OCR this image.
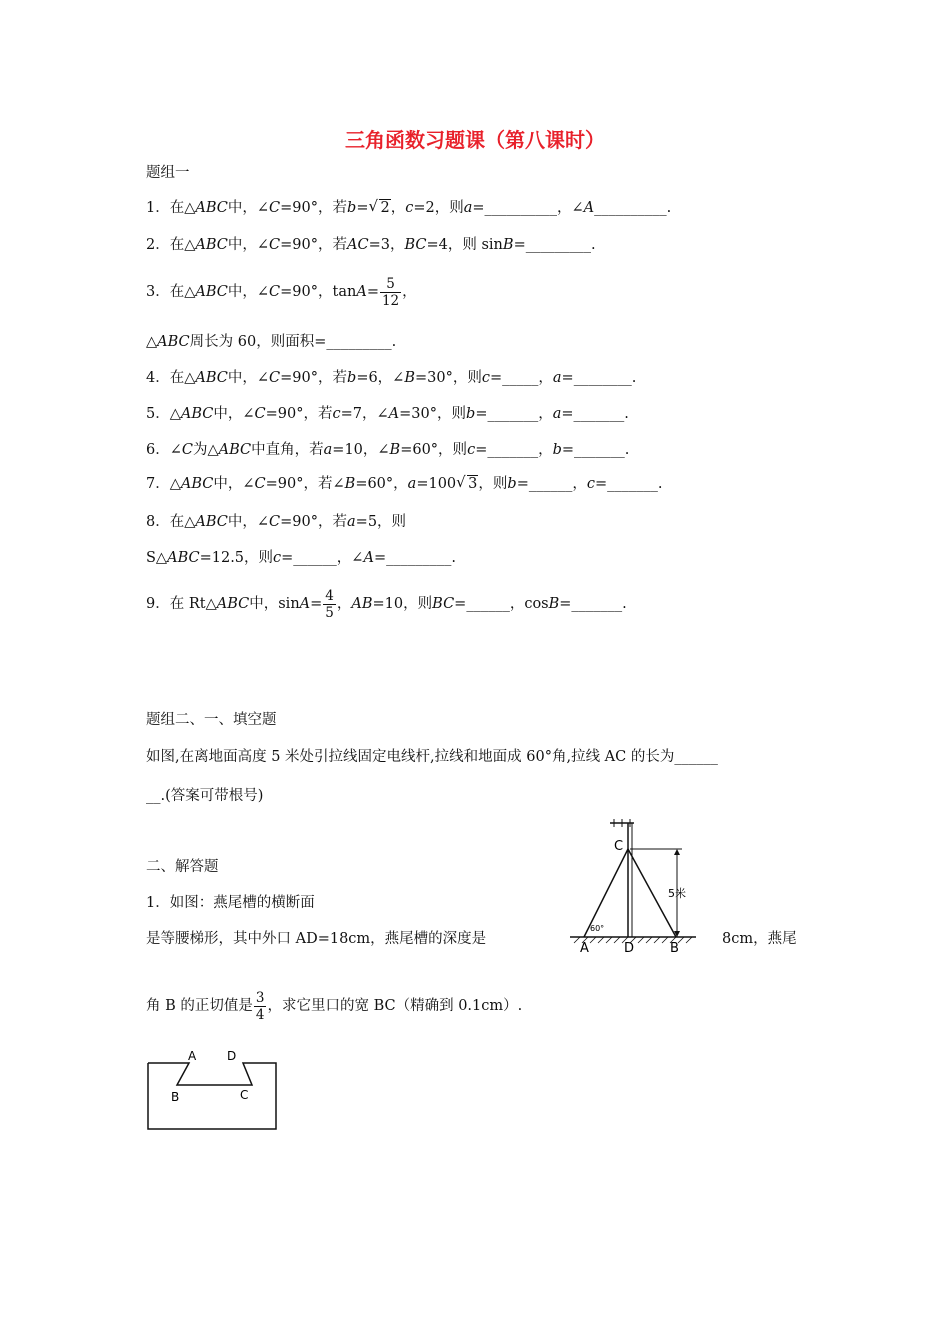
三角函数习题课（第八课时）
题组一
1．在△ABC中，∠C=90°，若b= √ 2，c=2，则a=__________，∠A__________.
2．在△ABC中，∠C=90°，若AC=3，BC=4，则 sinB=_________.
3．在△ABC中，∠C=90°，$\tan A= \frac{5}{12}$ ，
△ABC周长为 60，则面积=_________.
4．在△ABC中，∠C=90°，若b=6，∠B=30°，则c=_____，a=________.
5．△ABC中，∠C=90°，若c=7，∠A=30°，则b=_______，a=_______.
6．∠C为△ABC中直角，若a=10，∠B=60°，则c=_______，b=_______.
7．△ABC中，∠C=90°，若∠B=60°，a=100 √ 3，则b=______，c=_______.
8．在△ABC中，∠C=90°，若a=5，则
S△ABC=12.5，则c=______，∠A=_________.
9．在 Rt△ABC中，$\sin A= \frac{4}{5}$ ，AB=10，则BC=______，cosB=_______.
题组二、一、填空题
如图,在离地面高度 5 米处引拉线固定电线杆,拉线和地面成 60°角,拉线 AC 的长为______
__.(答案可带根号)
二、解答题
1．如图：燕尾槽的横断面
是等腰梯形，其中外口 AD=18cm，燕尾槽的深度是	8cm，燕尾
角 B 的正切值是 $\frac{3}{4}$ ，求它里口的宽 BC（精确到 0.1cm）.
C
A	D	B
60°
5米
A	D
B	C
